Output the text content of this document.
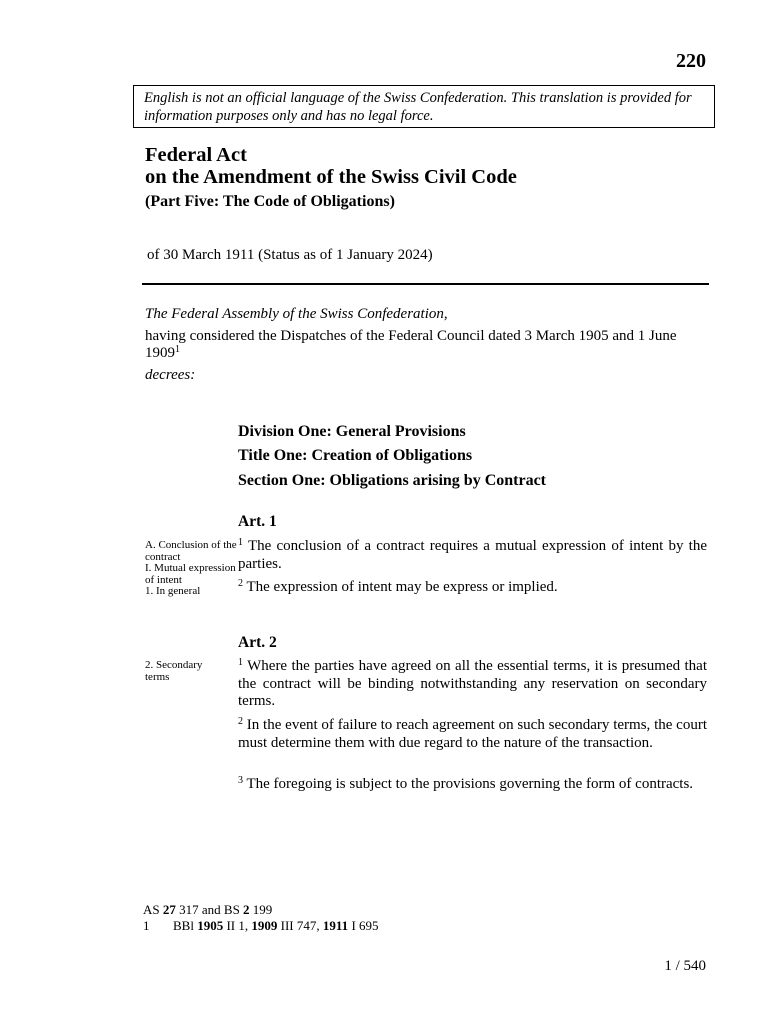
220
English is not an official language of the Swiss Confederation. This translation is provided for information purposes only and has no legal force.
Federal Act
on the Amendment of the Swiss Civil Code
(Part Five: The Code of Obligations)
of 30 March 1911 (Status as of 1 January 2024)
The Federal Assembly of the Swiss Confederation,
having considered the Dispatches of the Federal Council dated 3 March 1905 and 1 June 1909$^1$
decrees:
Division One: General Provisions
Title One: Creation of Obligations
Section One: Obligations arising by Contract
Art. 1
A. Conclusion of the contract
I. Mutual expression of intent
1. In general
$^1$ The conclusion of a contract requires a mutual expression of intent by the parties.
$^2$ The expression of intent may be express or implied.
Art. 2
2. Secondary terms
$^1$ Where the parties have agreed on all the essential terms, it is presumed that the contract will be binding notwithstanding any reservation on secondary terms.
$^2$ In the event of failure to reach agreement on such secondary terms, the court must determine them with due regard to the nature of the transaction.
$^3$ The foregoing is subject to the provisions governing the form of contracts.
AS 27 317 and BS 2 199
1 BBl 1905 II 1, 1909 III 747, 1911 I 695
1 / 540
